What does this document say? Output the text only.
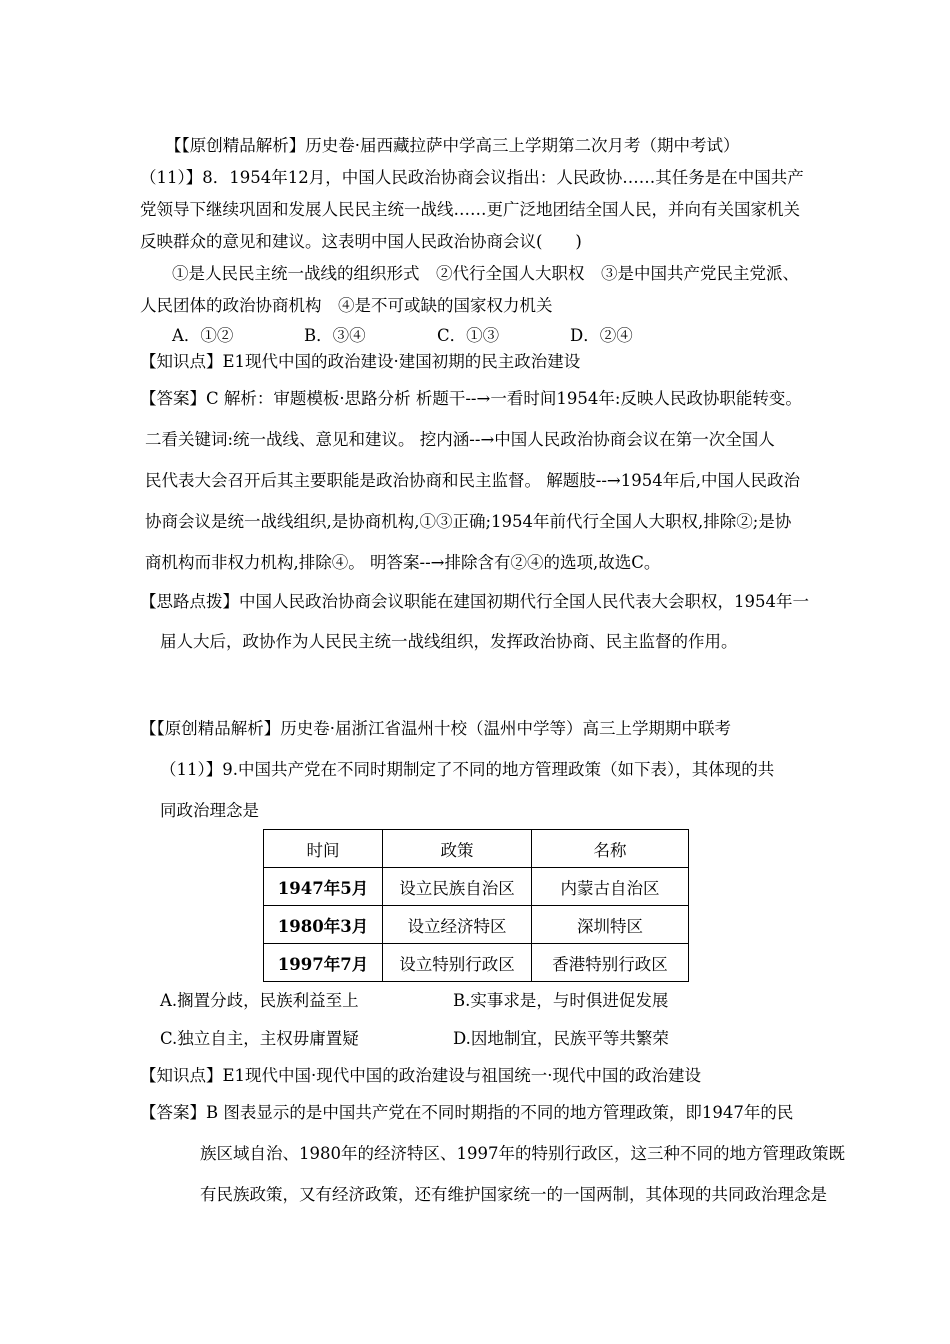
【【原创精品解析】历史卷·届西藏拉萨中学高三上学期第二次月考（期中考试）
（11）】8．1954年12月，中国人民政治协商会议指出：人民政协……其任务是在中国共产
党领导下继续巩固和发展人民民主统一战线……更广泛地团结全国人民，并向有关国家机关
反映群众的意见和建议。这表明中国人民政治协商会议(　　)
①是人民民主统一战线的组织形式　②代行全国人大职权　③是中国共产党民主党派、
人民团体的政治协商机构　④是不可或缺的国家权力机关
A．①②	B．③④	C．①③	D．②④
【知识点】E1现代中国的政治建设·建国初期的民主政治建设
【答案】C 解析：审题模板·思路分析 析题干--→一看时间1954年:反映人民政协职能转变。
二看关键词:统一战线、意见和建议。 挖内涵--→中国人民政治协商会议在第一次全国人
民代表大会召开后其主要职能是政治协商和民主监督。 解题肢--→1954年后,中国人民政治
协商会议是统一战线组织,是协商机构,①③正确;1954年前代行全国人大职权,排除②;是协
商机构而非权力机构,排除④。 明答案--→排除含有②④的选项,故选C。
【思路点拨】中国人民政治协商会议职能在建国初期代行全国人民代表大会职权，1954年一
届人大后，政协作为人民民主统一战线组织，发挥政治协商、民主监督的作用。
【【原创精品解析】历史卷·届浙江省温州十校（温州中学等）高三上学期期中联考
（11）】9.中国共产党在不同时期制定了不同的地方管理政策（如下表），其体现的共
同政治理念是
时间	政策	名称
1947年5月	设立民族自治区	内蒙古自治区
1980年3月	设立经济特区	深圳特区
1997年7月	设立特别行政区	香港特别行政区
A.搁置分歧，民族利益至上	B.实事求是，与时俱进促发展
C.独立自主，主权毋庸置疑	D.因地制宜，民族平等共繁荣
【知识点】E1现代中国·现代中国的政治建设与祖国统一·现代中国的政治建设
【答案】B 图表显示的是中国共产党在不同时期指的不同的地方管理政策，即1947年的民
族区域自治、1980年的经济特区、1997年的特别行政区，这三种不同的地方管理政策既
有民族政策，又有经济政策，还有维护国家统一的一国两制，其体现的共同政治理念是
